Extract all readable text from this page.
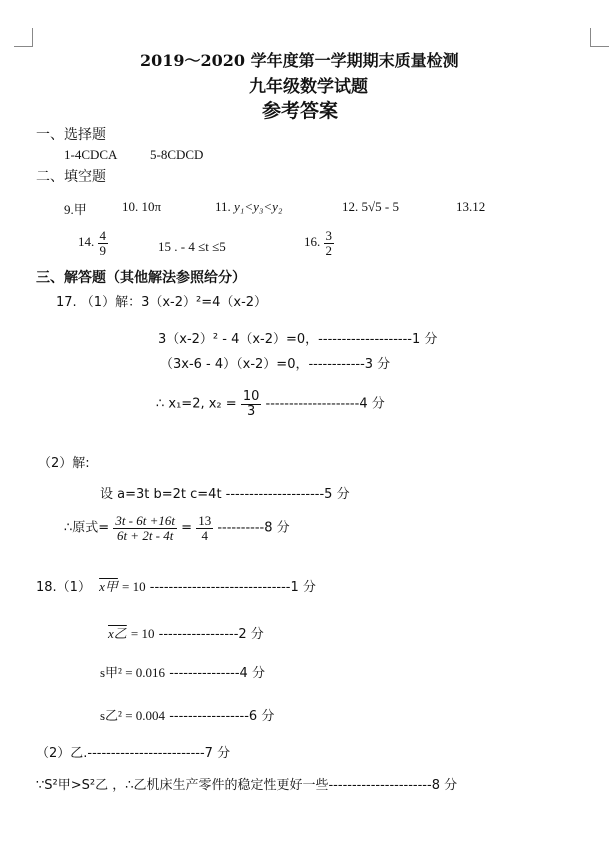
2019～2020 学年度第一学期期末质量检测
九年级数学试题
参考答案
一、选择题
1-4CDCA	5-8CDCD
二、填空题
9.甲	10. 10π	11. y₁<y₃<y₂	12. 5√5 - 5	13.12
14. $\frac{4}{9}$	15 . - 4 ≤t ≤5	16. $\frac{3}{2}$
三、解答题（其他解法参照给分）
17. （1）解：3（x-2）²=4（x-2）
3（x-2）² - 4（x-2）=0，--------------------1 分
（3x-6 - 4）（x-2）=0，------------3 分
∴ x₁=2, $x_2 = \frac{10}{3} --------------------4$ 分
（2）解:
设 a=3t b=2t c=4t ---------------------5 分
∴原式= $\frac{3t - 6t +16t}{6t + 2t - 4t} = \frac{13}{4} ----------8$ 分
18.（1） x甲 = 10 ------------------------------1 分
x乙 = 10 -----------------2 分
s甲² = 0.016 ---------------4 分
s乙² = 0.004 -----------------6 分
（2）乙.-------------------------7 分
∵S²甲>S²乙 ，∴乙机床生产零件的稳定性更好一些----------------------8 分
